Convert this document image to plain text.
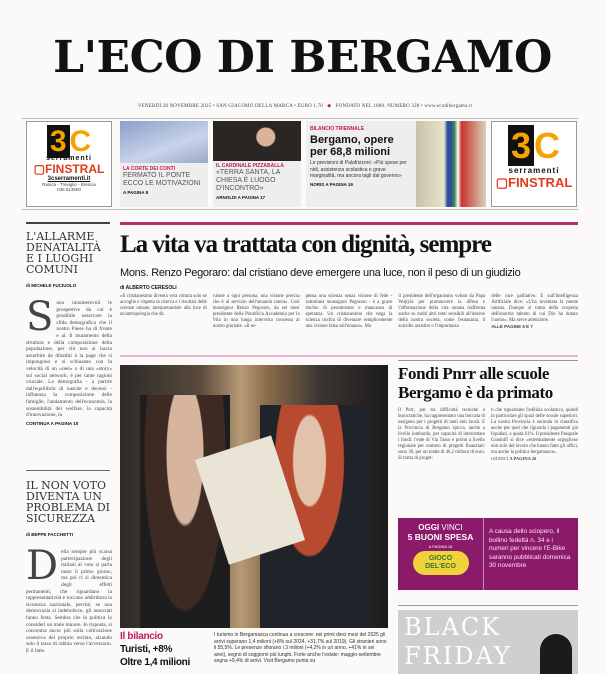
L'ECO DI BERGAMO
VENERDÌ 28 NOVEMBRE 2025 • SAN GIACOMO DELLA MARCA • EURO 1,70 ◆ FONDATO NEL 1880. NUMERO 328 • www.ecodibergamo.it
3 C
serramenti
▢FINSTRAL
3cserramenti.it
Ranica - Treviglio - Brescia
035 513800
LA CORTE DEI CONTI
FERMATO IL PONTE ECCO LE MOTIVAZIONI
A PAGINA 8
IL CARDINALE PIZZABALLA
«TERRA SANTA, LA CHIESA È LUOGO D'INCONTRO»
ARNOLDI A PAGINA 17
BILANCIO TRIENNALE
Bergamo, opere per 68,8 milioni
Le previsioni di Palafrizzoni: «Più spese per nidi, assistenza scolastica e grave marginalità, ma ancora tagli dal governo»
NORIS A PAGINA 19
3C
serramenti
▢FINSTRAL
L'ALLARME DENATALITÀ E I LUOGHI COMUNI
di MICHELE FUCIUOLO
Sono innumerevoli le prospettive da cui è possibile osservare la sfida demografica che il nostro Paese ha di fronte e al. Il mutamento della struttura e della composizione della popolazione, per chi non si lascia assorbire da dibattiti à la page che si impongono e si schiusano con la velocità di un «reel» o di una «story» sui social network, è per tante ragioni cruciale. La demografia - a partire dall'equilibrio di nascite e decessi - influenza la composizione delle famiglie, l'andamento dell'economia, la sostenibilità del welfare, la capacità d'innovazione, la
CONTINUA A PAGINA 10
IL NON VOTO DIVENTA UN PROBLEMA DI SICUREZZA
di BEPPE FACCHETTI
Della sempre più scarsa partecipazione degli italiani al voto si parla tanto il primo giorno, ma poi ci si dimentica degli effetti permanenti, che riguardano la rappresentatività e toccano addirittura la sicurezza nazionale, perché, se una democrazia si indebolisce, gli autocrati fanno festa. Sembra che la politica lo consideri un male minore. In risposta, si concentra ancor più sulla coltivazione ossessiva del proprio recinto, alzando solo il tasso di rabbia verso l'avversario. E il fatto
La vita va trattata con dignità, sempre
Mons. Renzo Pegoraro: dal cristiano deve emergere una luce, non il peso di un giudizio
di ALBERTO CERESOLI
«Il cristianesimo diventa vera cultura solo se accoglie e rispetta la ricerca e i risultati delle scienze umane, interpretandole alla luce di un'antropologia che dà
valore a ogni persona, una visione precisa che è al servizio dell'umanità intera». Così monsignor Renzo Pegoraro, da sei mesi presidente della Pontificia Accademia per la Vita in una lunga intervista concessa al nostro giornale. «Il se-
pensa una scienza senza visione di fede - sottolinea monsignor Pegoraro - è a grave rischio di pessimismo e mancanza di speranza. Un cristianesimo che nega la scienza rischia di diventare semplicemente una visione falsa sull'umano». Ma
il presidente dell'organismo voluto da Papa Wojtyla per promuovere la difesa e l'affermazione della vita umana riafferma anche su molti altri temi sensibili all'interno della nostra società, come l'eutanasia, il suicidio assistito o l'importanza
delle cure palliative. E sull'Intelligenza Artificiale dice: «L'ha inventata la mente umana. Dunque si tratta della scoperta dell'enorme talento di cui Dio ha dotato l'uomo». Ma serve attenzione.
ALLE PAGINE 6 E 7
Il bilancio
Turisti, +8%
Oltre 1,4 milioni
I turismo in Bergamasca continua a crescere: nei primi dieci mesi del 2025 gli arrivi superano 1,4 milioni (+8% sul 2024, +31,7% sul 2019). Gli stranieri sono il 55,5%. Le presenze sfiorano i 3 milioni (+4,2% in un anno, +41% in sei anni), segno di soggiorni più lunghi. Forte anche l'estate: maggio-settembre segna +9,4% di arrivi. Visit Bergamo punta su
Fondi Pnrr alle scuole Bergamo è da primato
Il Pnrr, pur tra difficoltà tecniche e burocratiche, ha rappresentato una boccata di ossigeno per i progetti di tanti enti locali. E la Provincia di Bergamo spicca, anche a livello lombardo, per capacità di intercettare i fondi: l'ente di Via Tasso è primo a livello regionale per numero di progetti finanziati: sono 38, per un totale di 46,2 milioni di euro. Si tratta di proget-
ti che riguardano l'edilizia scolastica, quindi in particolare gli spazi delle scuole superiori. La nostra Provincia è seconda in classifica anche per quel che riguarda i pagamenti già liquidati, a quota 61%. Il presidente Pasquale Gandolfi si dice «estremamente orgoglioso non solo del lavoro che hanno fatto gli uffici, ma anche la politica bergamasca».
GIUDICI A PAGINA 26
OGGI VINCI
5 BUONI SPESA
A PAGINA 18
GIOCO DEL'ECO
A causa dello sciopero, il bollino fedeltà n. 34 e i numeri per vincere l'E-Bike saranno pubblicati domenica 30 novembre
BLACK FRIDAY
